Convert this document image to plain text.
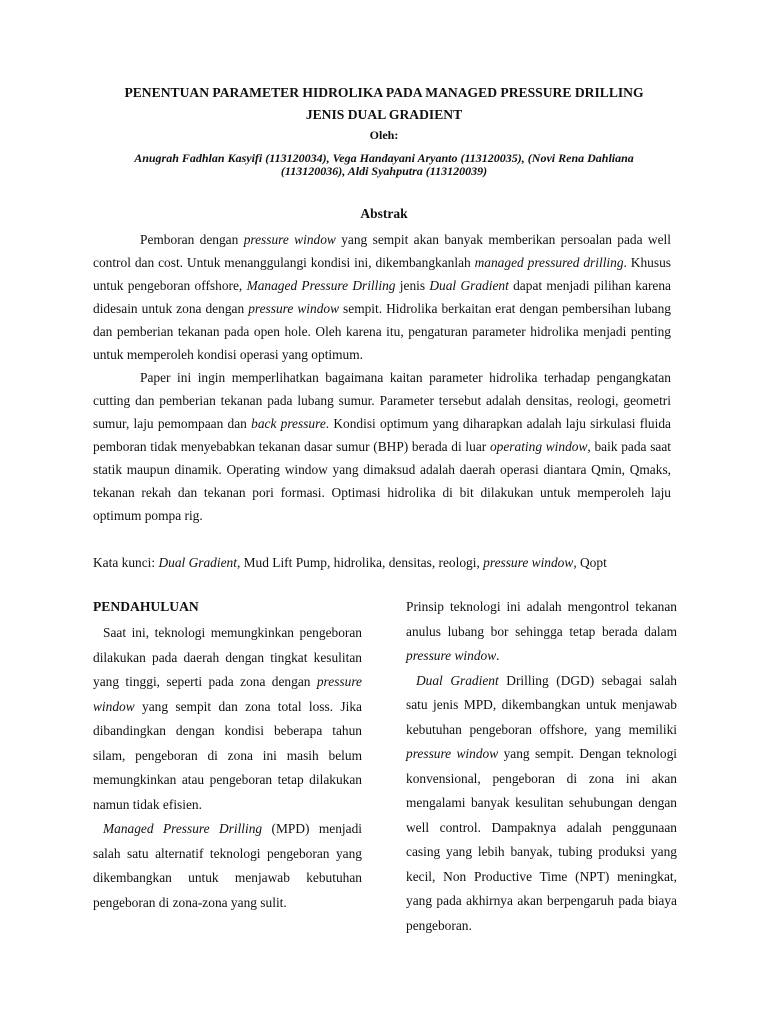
PENENTUAN PARAMETER HIDROLIKA PADA MANAGED PRESSURE DRILLING
JENIS DUAL GRADIENT

Oleh:

Anugrah Fadhlan Kasyifi (113120034), Vega Handayani Aryanto (113120035), (Novi Rena Dahliana
(113120036), Aldi Syahputra (113120039)

Abstrak

Pemboran dengan pressure window yang sempit akan banyak memberikan persoalan pada well control dan cost. Untuk menanggulangi kondisi ini, dikembangkanlah managed pressured drilling. Khusus untuk pengeboran offshore, Managed Pressure Drilling jenis Dual Gradient dapat menjadi pilihan karena didesain untuk zona dengan pressure window sempit. Hidrolika berkaitan erat dengan pembersihan lubang dan pemberian tekanan pada open hole. Oleh karena itu, pengaturan parameter hidrolika menjadi penting untuk memperoleh kondisi operasi yang optimum.

Paper ini ingin memperlihatkan bagaimana kaitan parameter hidrolika terhadap pengangkatan cutting dan pemberian tekanan pada lubang sumur. Parameter tersebut adalah densitas, reologi, geometri sumur, laju pemompaan dan back pressure. Kondisi optimum yang diharapkan adalah laju sirkulasi fluida pemboran tidak menyebabkan tekanan dasar sumur (BHP) berada di luar operating window, baik pada saat statik maupun dinamik. Operating window yang dimaksud adalah daerah operasi diantara Qmin, Qmaks, tekanan rekah dan tekanan pori formasi. Optimasi hidrolika di bit dilakukan untuk memperoleh laju optimum pompa rig.

Kata kunci: Dual Gradient, Mud Lift Pump, hidrolika, densitas, reologi, pressure window, Qopt

PENDAHULUAN

Saat ini, teknologi memungkinkan pengeboran dilakukan pada daerah dengan tingkat kesulitan yang tinggi, seperti pada zona dengan pressure window yang sempit dan zona total loss. Jika dibandingkan dengan kondisi beberapa tahun silam, pengeboran di zona ini masih belum memungkinkan atau pengeboran tetap dilakukan namun tidak efisien.

Managed Pressure Drilling (MPD) menjadi salah satu alternatif teknologi pengeboran yang dikembangkan untuk menjawab kebutuhan pengeboran di zona-zona yang sulit.

Prinsip teknologi ini adalah mengontrol tekanan anulus lubang bor sehingga tetap berada dalam pressure window.

Dual Gradient Drilling (DGD) sebagai salah satu jenis MPD, dikembangkan untuk menjawab kebutuhan pengeboran offshore, yang memiliki pressure window yang sempit. Dengan teknologi konvensional, pengeboran di zona ini akan mengalami banyak kesulitan sehubungan dengan well control. Dampaknya adalah penggunaan casing yang lebih banyak, tubing produksi yang kecil, Non Productive Time (NPT) meningkat, yang pada akhirnya akan berpengaruh pada biaya pengeboran.
